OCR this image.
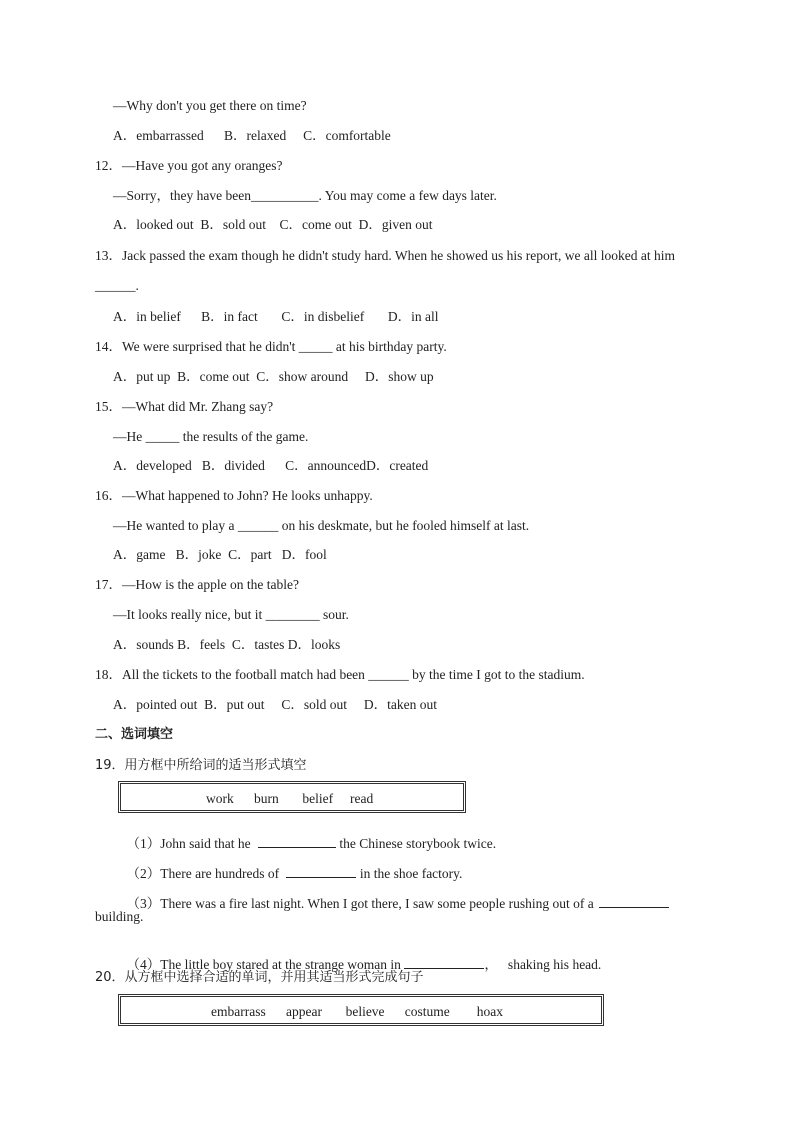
—Why don't you get there on time?
A．embarrassed      B．relaxed     C．comfortable
12．—Have you got any oranges?
—Sorry，they have been__________. You may come a few days later.
A．looked out  B．sold out    C．come out  D．given out
13．Jack passed the exam though he didn't study hard. When he showed us his report, we all looked at him
______.
A．in belief      B．in fact       C．in disbelief       D．in all
14．We were surprised that he didn't _____ at his birthday party.
A．put up  B．come out  C．show around     D．show up
15．—What did Mr. Zhang say?
—He _____ the results of the game.
A．developed   B．divided      C．announcedD．created
16．—What happened to John? He looks unhappy.
—He wanted to play a ______ on his deskmate, but he fooled himself at last.
A．game   B．joke  C．part   D．fool
17．—How is the apple on the table?
—It looks really nice, but it ________ sour.
A．sounds B．feels  C．tastes D．looks
18．All the tickets to the football match had been ______ by the time I got to the stadium.
A．pointed out  B．put out     C．sold out     D．taken out
二、选词填空
19．用方框中所给词的适当形式填空
work      burn       belief     read

（1）John said that he	the Chinese storybook twice.

（2）There are hundreds of	in the shoe factory.

（3）There was a fire last night. When I got there, I saw some people rushing out of a

building.

（4）The little boy stared at the strange woman in	，   shaking his head.

20．从方框中选择合适的单词，并用其适当形式完成句子
embarrass      appear       believe      costume        hoax
